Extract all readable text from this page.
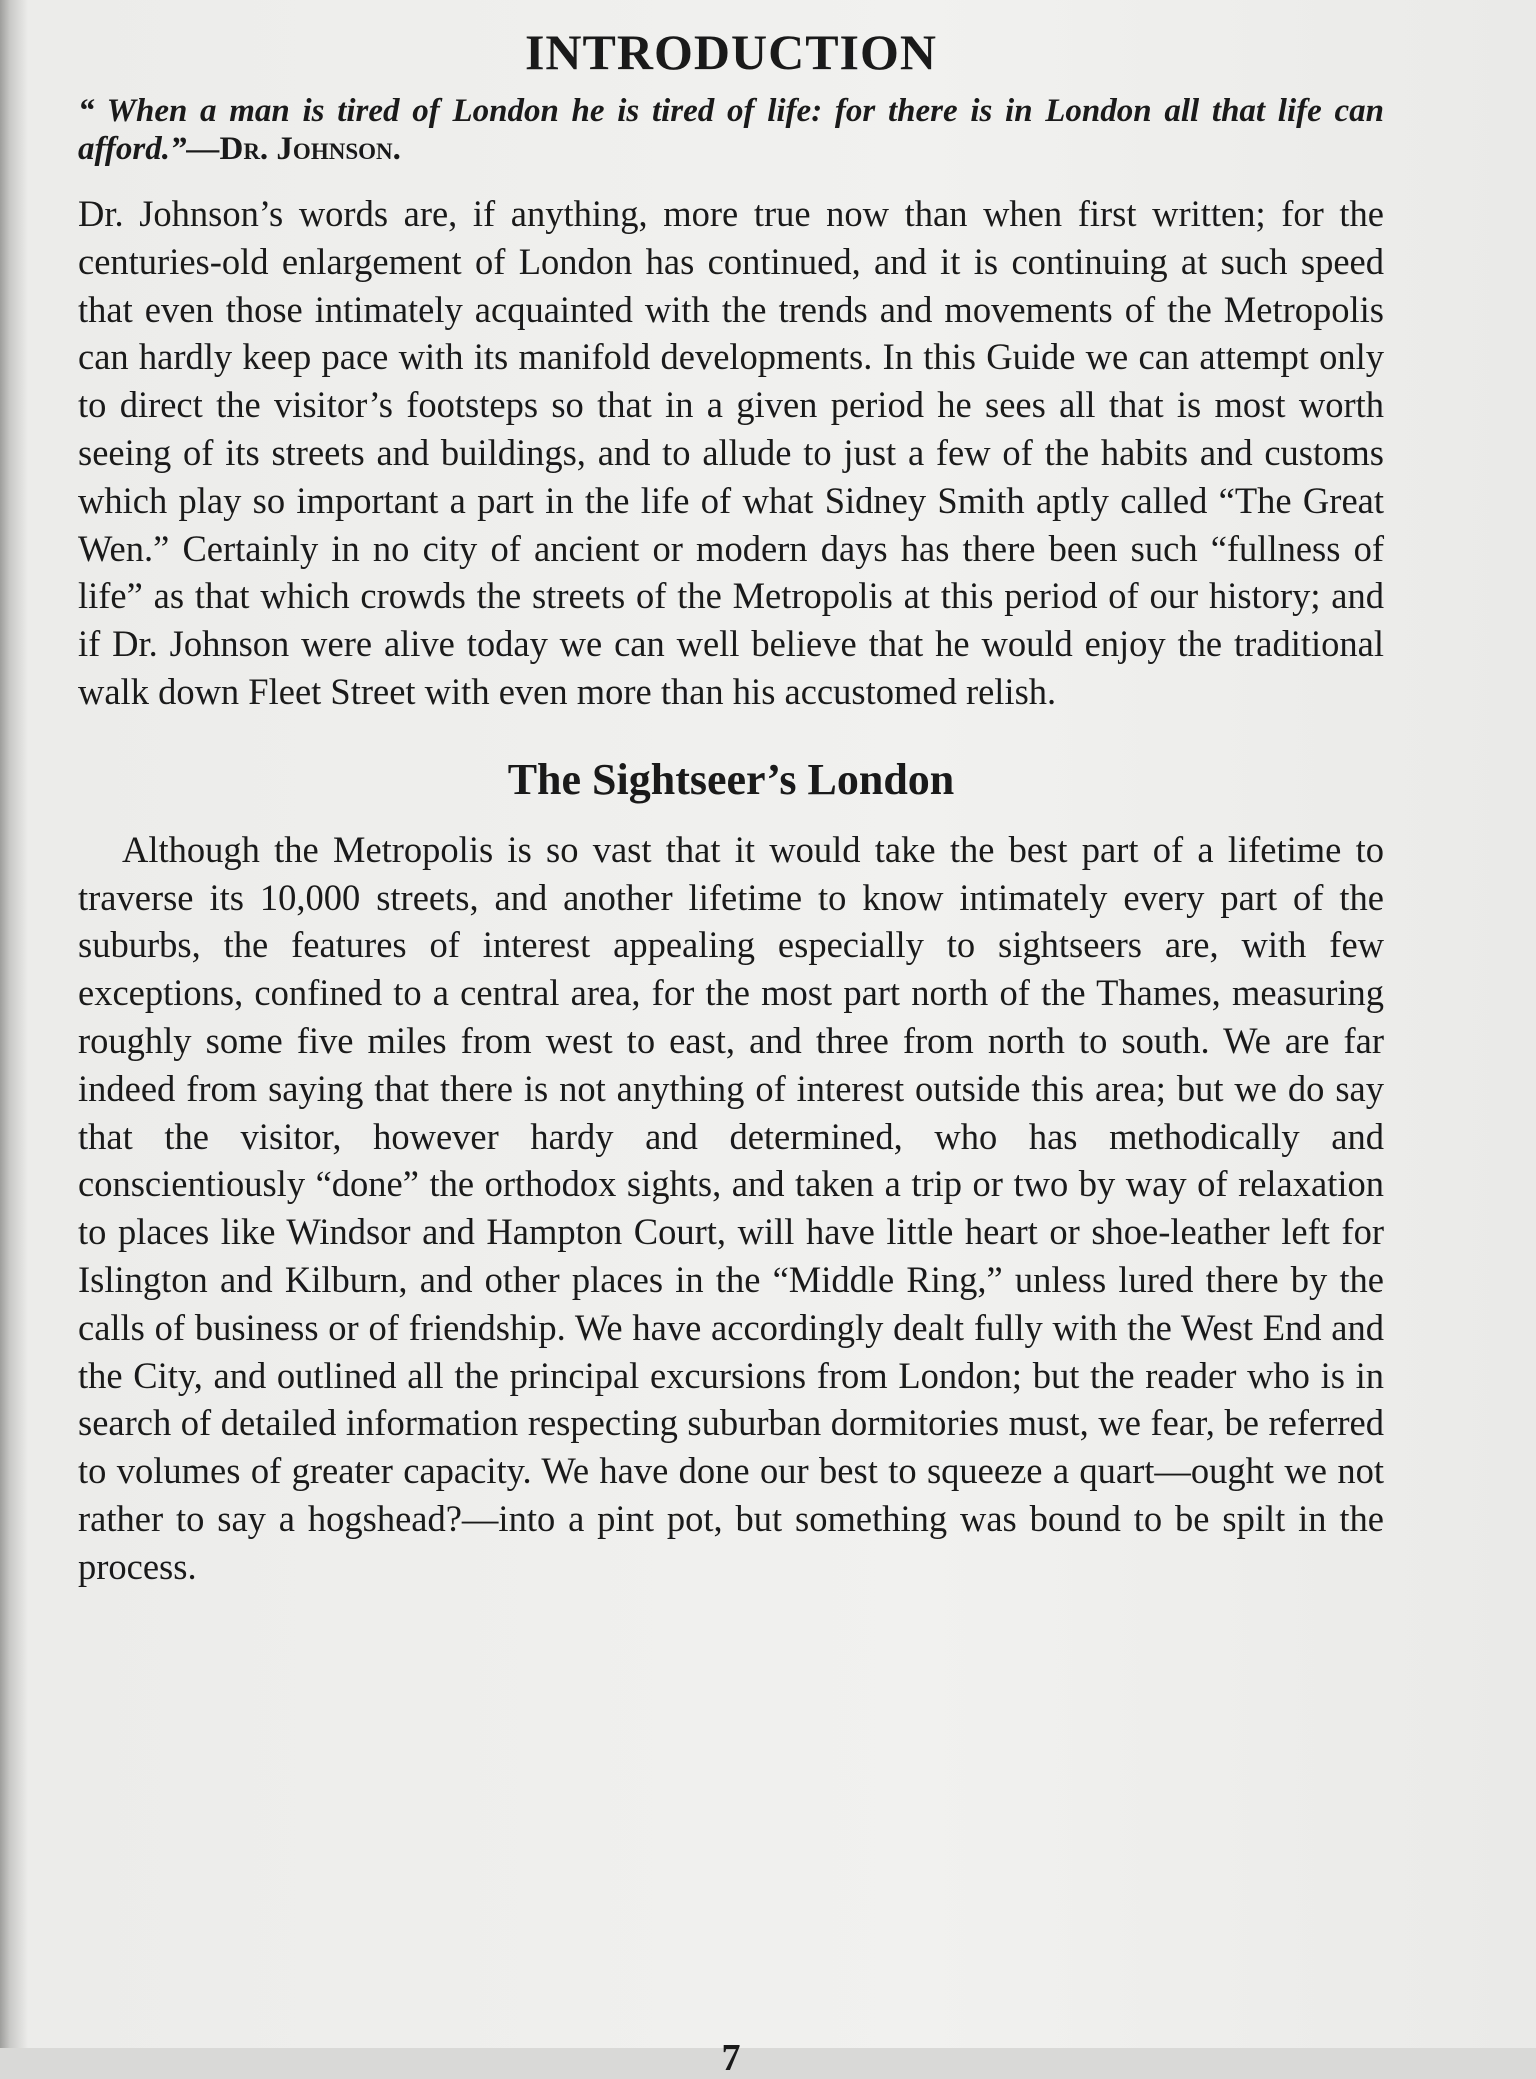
INTRODUCTION

“ When a man is tired of London he is tired of life: for there is in London all that life can afford.”—Dr. Johnson.

Dr. Johnson’s words are, if anything, more true now than when first written; for the centuries-old enlargement of London has continued, and it is continuing at such speed that even those intimately acquainted with the trends and movements of the Metropolis can hardly keep pace with its manifold developments. In this Guide we can attempt only to direct the visitor’s footsteps so that in a given period he sees all that is most worth seeing of its streets and buildings, and to allude to just a few of the habits and customs which play so important a part in the life of what Sidney Smith aptly called “The Great Wen.” Certainly in no city of ancient or modern days has there been such “fullness of life” as that which crowds the streets of the Metropolis at this period of our history; and if Dr. Johnson were alive today we can well believe that he would enjoy the traditional walk down Fleet Street with even more than his accustomed relish.

The Sightseer’s London

Although the Metropolis is so vast that it would take the best part of a lifetime to traverse its 10,000 streets, and another lifetime to know intimately every part of the suburbs, the features of interest appealing especially to sightseers are, with few exceptions, confined to a central area, for the most part north of the Thames, measuring roughly some five miles from west to east, and three from north to south. We are far indeed from saying that there is not anything of interest outside this area; but we do say that the visitor, however hardy and determined, who has methodically and conscientiously “done” the orthodox sights, and taken a trip or two by way of relaxation to places like Windsor and Hampton Court, will have little heart or shoe-leather left for Islington and Kilburn, and other places in the “Middle Ring,” unless lured there by the calls of business or of friendship. We have accordingly dealt fully with the West End and the City, and outlined all the principal excursions from London; but the reader who is in search of detailed information respecting suburban dormitories must, we fear, be referred to volumes of greater capacity. We have done our best to squeeze a quart—ought we not rather to say a hogshead?—into a pint pot, but something was bound to be spilt in the process.

7
